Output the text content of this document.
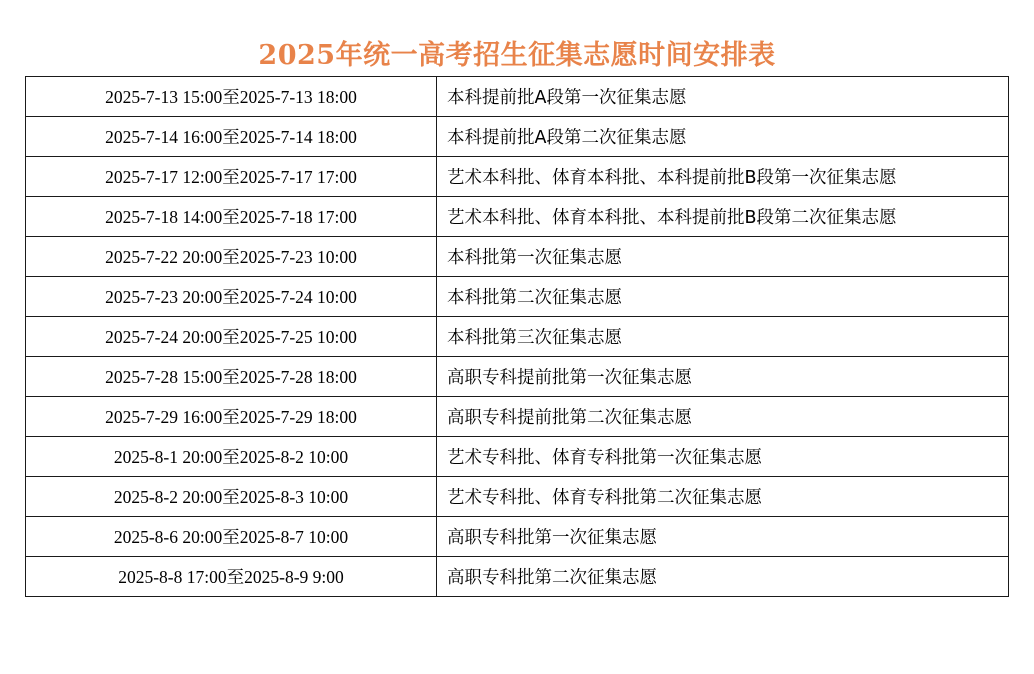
2025年统一高考招生征集志愿时间安排表
2025-7-13 15:00至2025-7-13 18:00	本科提前批A段第一次征集志愿
2025-7-14 16:00至2025-7-14 18:00	本科提前批A段第二次征集志愿
2025-7-17 12:00至2025-7-17 17:00	艺术本科批、体育本科批、本科提前批B段第一次征集志愿
2025-7-18 14:00至2025-7-18 17:00	艺术本科批、体育本科批、本科提前批B段第二次征集志愿
2025-7-22 20:00至2025-7-23 10:00	本科批第一次征集志愿
2025-7-23 20:00至2025-7-24 10:00	本科批第二次征集志愿
2025-7-24 20:00至2025-7-25 10:00	本科批第三次征集志愿
2025-7-28 15:00至2025-7-28 18:00	高职专科提前批第一次征集志愿
2025-7-29 16:00至2025-7-29 18:00	高职专科提前批第二次征集志愿
2025-8-1 20:00至2025-8-2 10:00	艺术专科批、体育专科批第一次征集志愿
2025-8-2 20:00至2025-8-3 10:00	艺术专科批、体育专科批第二次征集志愿
2025-8-6 20:00至2025-8-7 10:00	高职专科批第一次征集志愿
2025-8-8 17:00至2025-8-9 9:00	高职专科批第二次征集志愿
